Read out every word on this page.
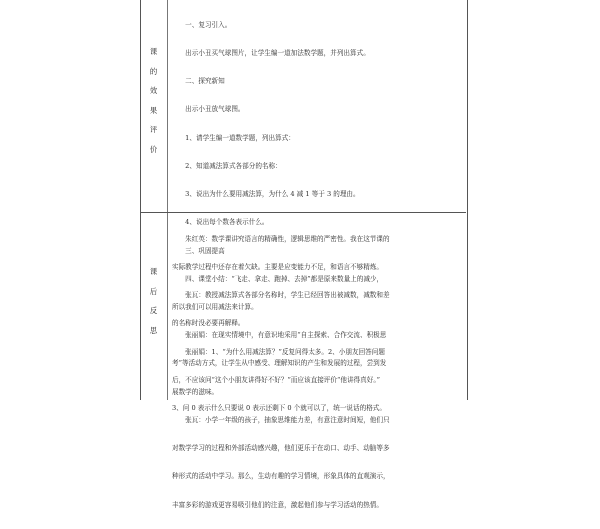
课
的
效
果
评
价

　　一、复习引入。

　　出示小丑买气球图片，让学生编一道加法数学题，并列出算式。

　　二、探究新知

　　出示小丑放气球图。

　　1、请学生编一道数学题，列出算式：

　　2、知道减法算式各部分的名称：

　　3、说出为什么要用减法算，为什么 4 减 1 等于 3 的理由。

　　4、说出每个数各表示什么。

　　三、巩固提高

　　四、课堂小结：“飞走、拿走、跑掉、去掉”都是原来数量上的减少，

所以我们可以用减法来计算。

　　张丽娟：在现实情境中，有意识地采用“自主探索、合作交流、积极思

考”等活动方式，让学生从中感受、理解知识的产生和发展的过程，尝到发

展数学的滋味。

　　张瓦：小学一年级的孩子，抽象思维能力差，有意注意时间短，他们只

对数学学习的过程和外部活动感兴趣，他们更乐于在动口、动手、动脑等多

种形式的活动中学习。那么，生动有趣的学习情境，形象具体的直观演示，

丰富多彩的游戏更容易吸引他们的注意，激起他们参与学习活动的热情。

课
后
反
思

　　朱红英：数学课讲究语言的精确性，逻辑思维的严密性。我在这节课的

实际教学过程中还存在着欠缺。主要是应变能力不足，和语言不够精炼。

　　张瓦：教授减法算式各部分名称时，学生已经回答出被减数，减数和差

的名称时没必要再解释。

　　张丽娟：1、“为什么用减法算？”反复问得太多。2、小朋友回答问题

后，不应该问“这个小朋友讲得好不好？”而应该直接评价“他讲得真好。”

3、问 0 表示什么只要说 0 表示还剩下 0 个就可以了，统一说话的格式。
